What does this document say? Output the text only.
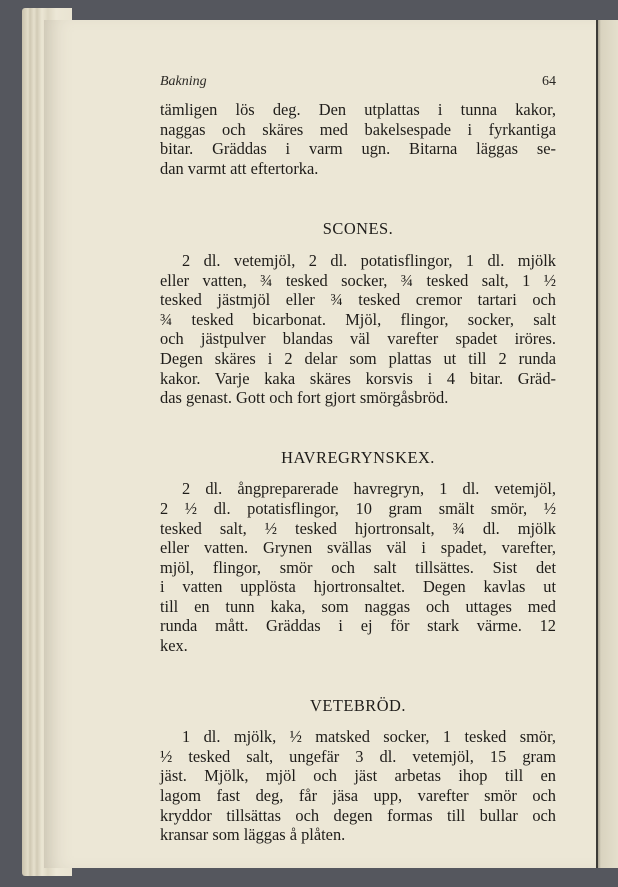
Bakning	64
tämligen lös deg. Den utplattas i tunna kakor,
naggas och skäres med bakelsespade i fyrkantiga
bitar. Gräddas i varm ugn. Bitarna läggas se-
dan varmt att eftertorka.
SCONES.
2 dl. vetemjöl, 2 dl. potatisflingor, 1 dl. mjölk
eller vatten, ¾ tesked socker, ¾ tesked salt, 1 ½
tesked jästmjöl eller ¾ tesked cremor tartari och
¾ tesked bicarbonat. Mjöl, flingor, socker, salt
och jästpulver blandas väl varefter spadet iröres.
Degen skäres i 2 delar som plattas ut till 2 runda
kakor. Varje kaka skäres korsvis i 4 bitar. Gräd-
das genast. Gott och fort gjort smörgåsbröd.
HAVREGRYNSKEX.
2 dl. ångpreparerade havregryn, 1 dl. vetemjöl,
2 ½ dl. potatisflingor, 10 gram smält smör, ½
tesked salt, ½ tesked hjortronsalt, ¾ dl. mjölk
eller vatten. Grynen svällas väl i spadet, varefter,
mjöl, flingor, smör och salt tillsättes. Sist det
i vatten upplösta hjortronsaltet. Degen kavlas ut
till en tunn kaka, som naggas och uttages med
runda mått. Gräddas i ej för stark värme. 12
kex.
VETEBRÖD.
1 dl. mjölk, ½ matsked socker, 1 tesked smör,
½ tesked salt, ungefär 3 dl. vetemjöl, 15 gram
jäst. Mjölk, mjöl och jäst arbetas ihop till en
lagom fast deg, får jäsa upp, varefter smör och
kryddor tillsättas och degen formas till bullar och
kransar som läggas å plåten.
